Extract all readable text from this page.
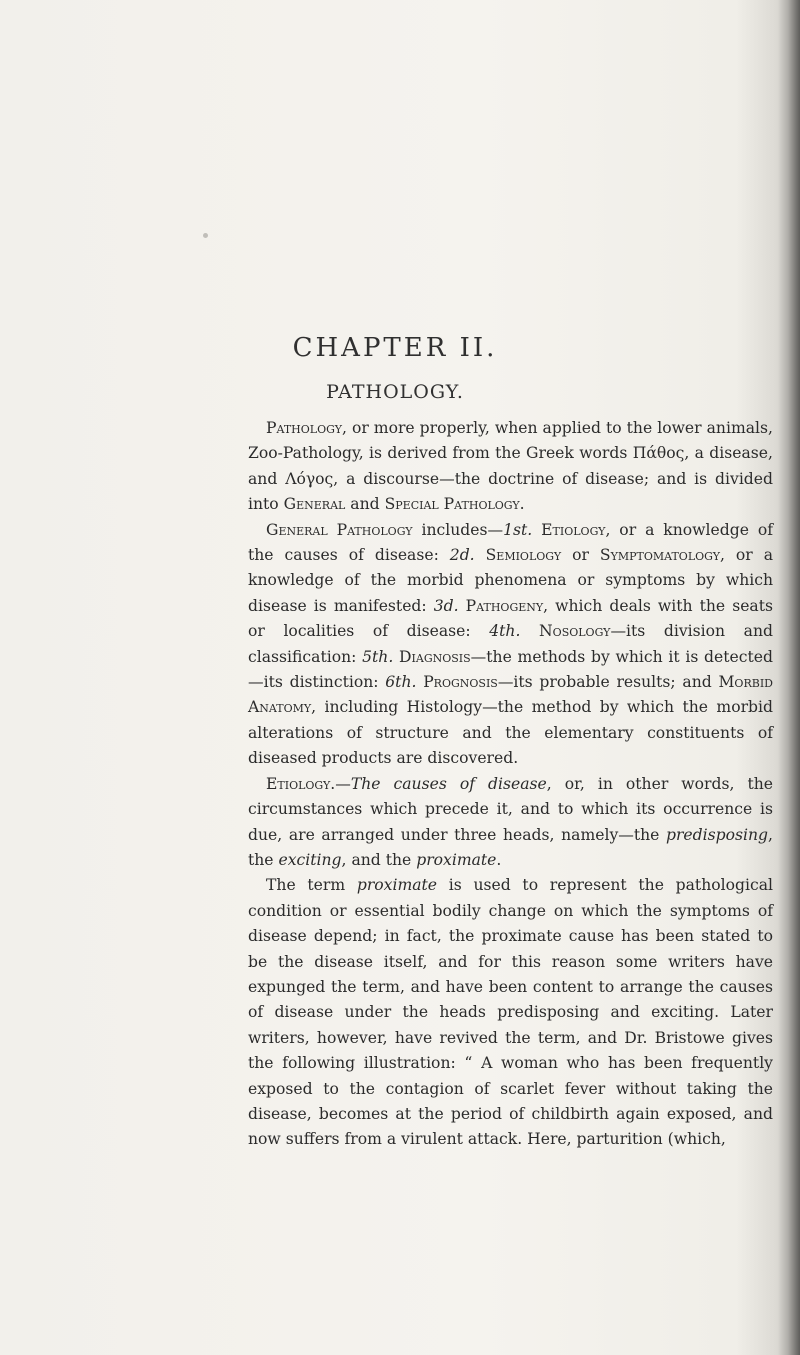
CHAPTER II.
PATHOLOGY.

Pathology, or more properly, when applied to the lower animals, Zoo-Pathology, is derived from the Greek words Πάθος, a disease, and Λόγος, a discourse—the doctrine of disease; and is divided into General and Special Pathology.

General Pathology includes—1st. Etiology, or a knowledge of the causes of disease: 2d. Semiology or Symptomatology, or a knowledge of the morbid phenomena or symptoms by which disease is manifested: 3d. Pathogeny, which deals with the seats or localities of disease: 4th. Nosology—its division and classification: 5th. Diagnosis—the methods by which it is detected—its distinction: 6th. Prognosis—its probable results; and Morbid Anatomy, including Histology—the method by which the morbid alterations of structure and the elementary constituents of diseased products are discovered.

Etiology.—The causes of disease, or, in other words, the circumstances which precede it, and to which its occurrence is due, are arranged under three heads, namely—the predisposing, the exciting, and the proximate.

The term proximate is used to represent the pathological condition or essential bodily change on which the symptoms of disease depend; in fact, the proximate cause has been stated to be the disease itself, and for this reason some writers have expunged the term, and have been content to arrange the causes of disease under the heads predisposing and exciting. Later writers, however, have revived the term, and Dr. Bristowe gives the following illustration: “ A woman who has been frequently exposed to the contagion of scarlet fever without taking the disease, becomes at the period of childbirth again exposed, and now suffers from a virulent attack. Here, parturition (which,
